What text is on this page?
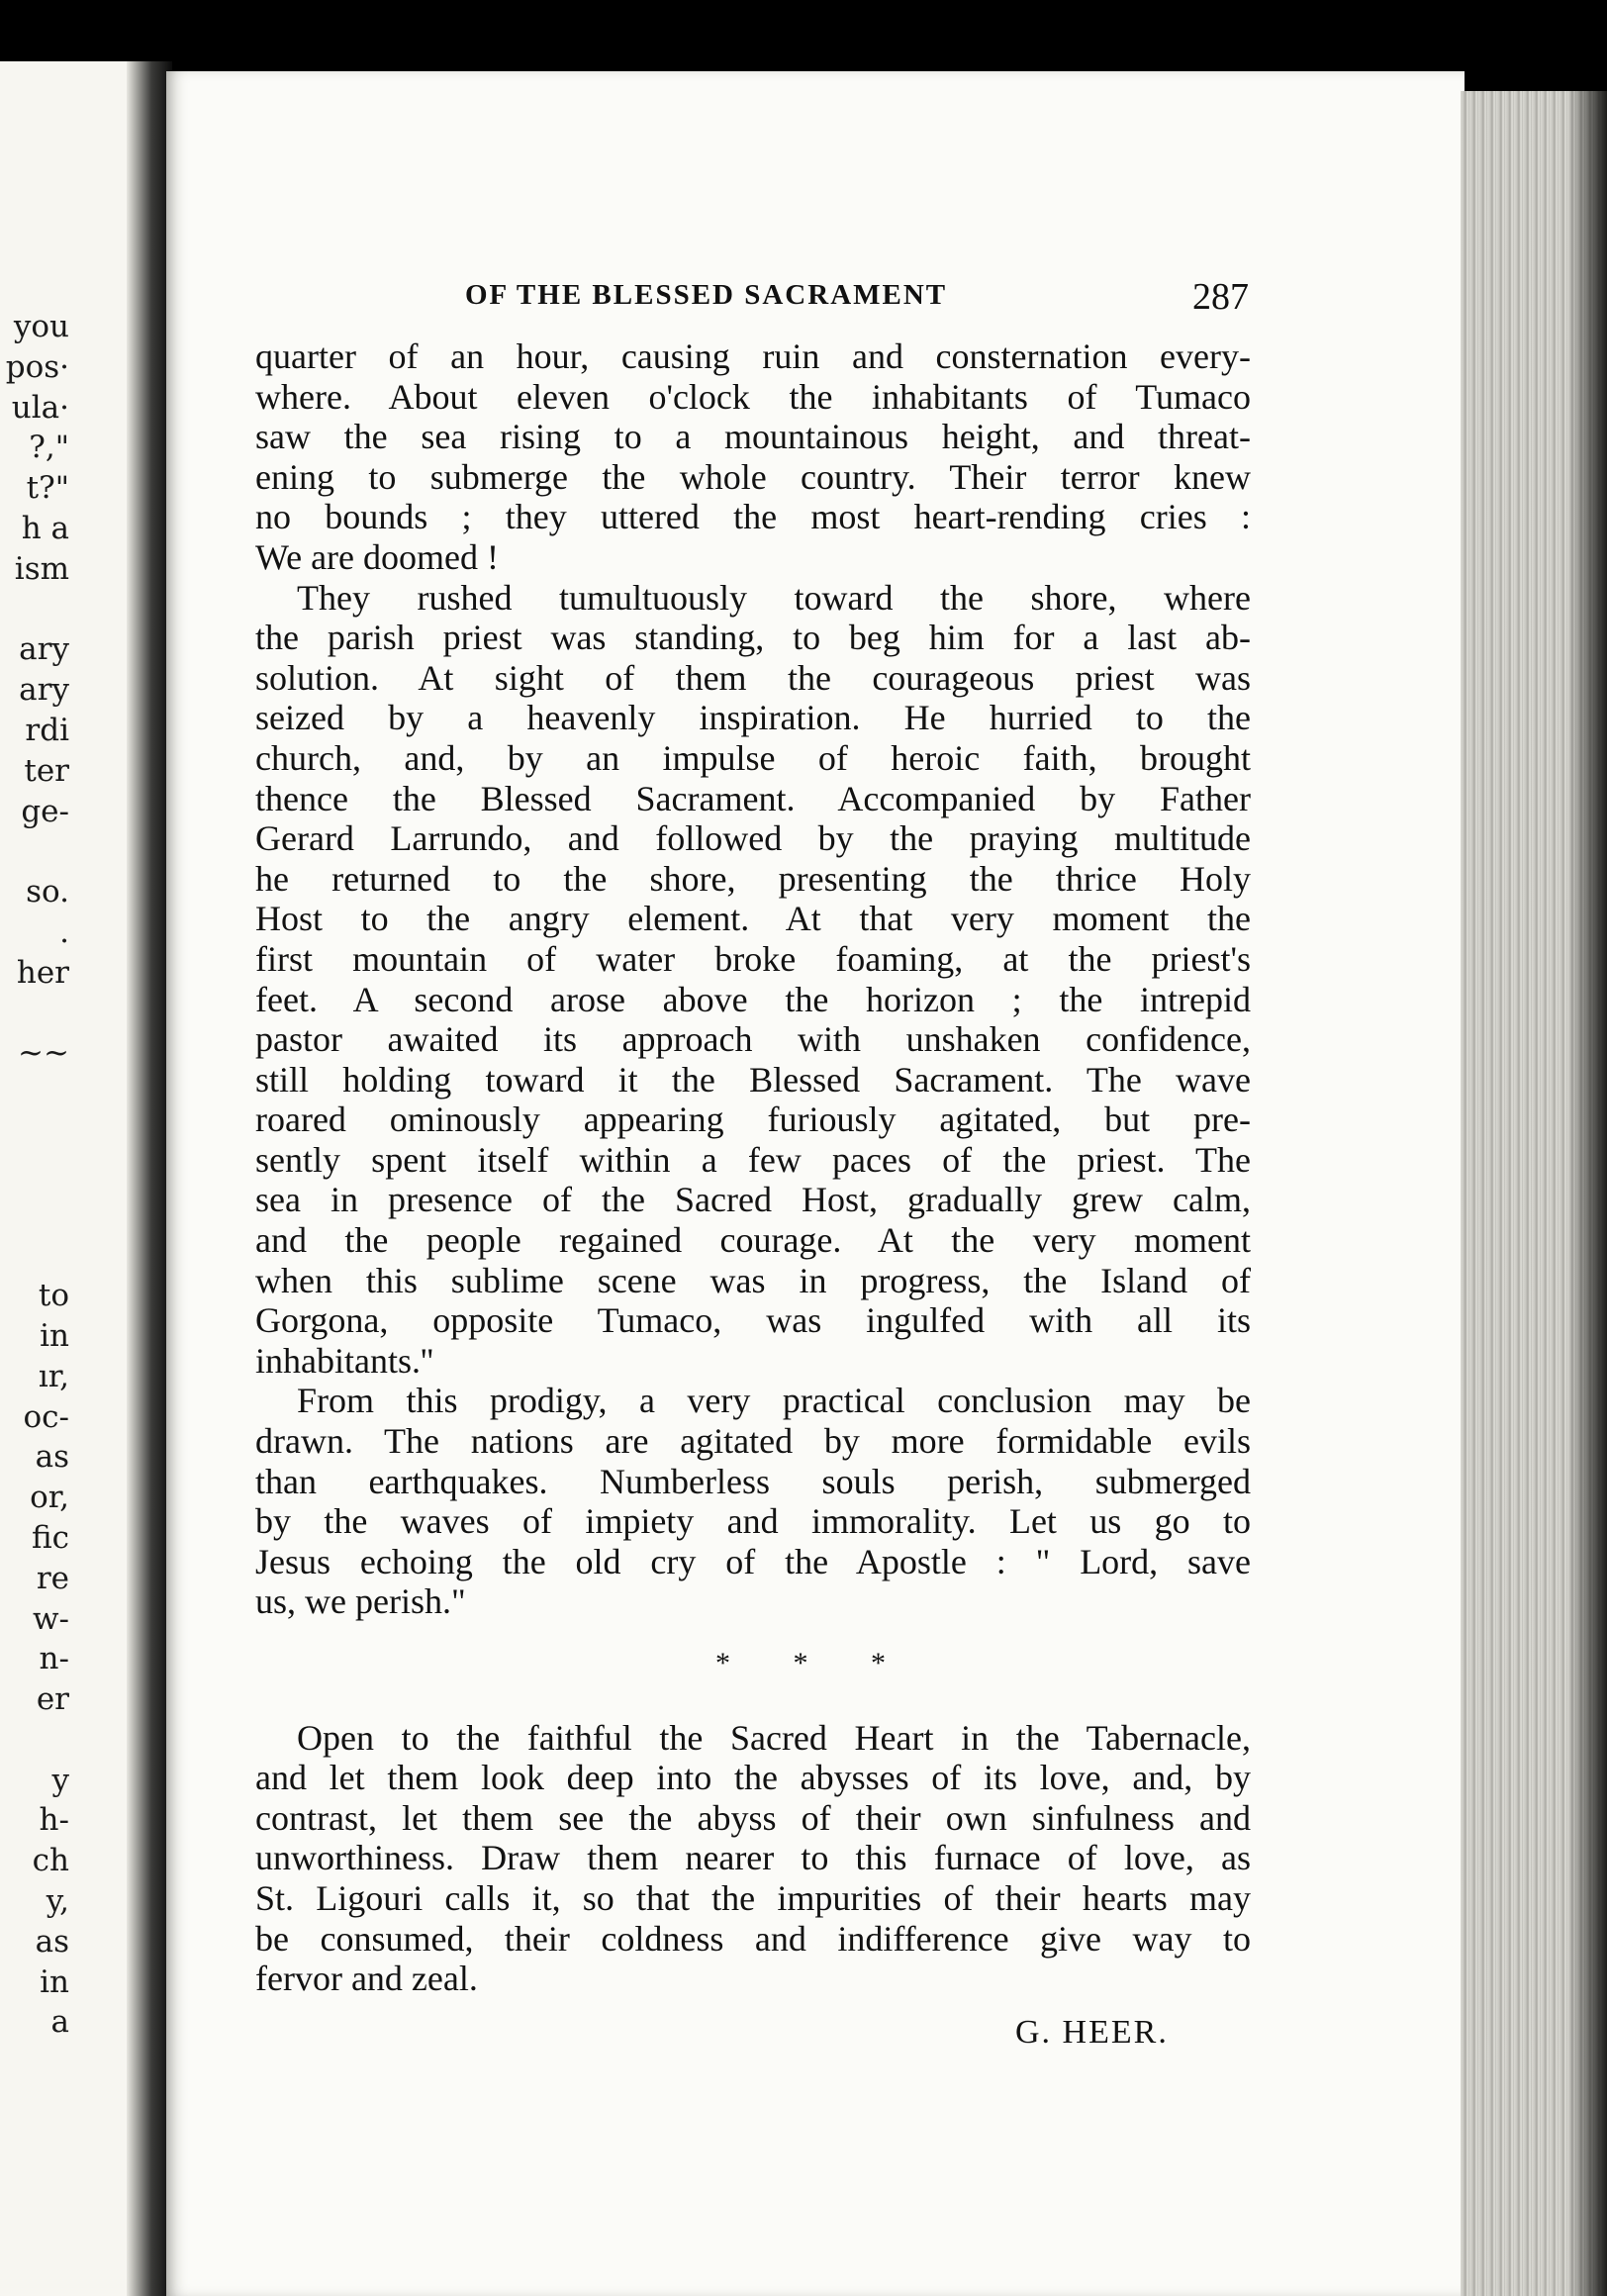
you
pos·
ula·
?,"
t?"
h a
ism

ary
ary
rdi
ter
ge-

so.
.
her

~~

to
in
ır,
oc-
as
or,
fic
re
w-
n-
er

y
h-
ch
y,
as
in
a
OF THE BLESSED SACRAMENT	287

quarter of an hour, causing ruin and consternation every-
where. About eleven o'clock the inhabitants of Tumaco
saw the sea rising to a mountainous height, and threat-
ening to submerge the whole country. Their terror knew
no bounds ; they uttered the most heart-rending cries :
We are doomed !

They rushed tumultuously toward the shore, where
the parish priest was standing, to beg him for a last ab-
solution. At sight of them the courageous priest was
seized by a heavenly inspiration. He hurried to the
church, and, by an impulse of heroic faith, brought
thence the Blessed Sacrament. Accompanied by Father
Gerard Larrundo, and followed by the praying multitude
he returned to the shore, presenting the thrice Holy
Host to the angry element. At that very moment the
first mountain of water broke foaming, at the priest's
feet. A second arose above the horizon ; the intrepid
pastor awaited its approach with unshaken confidence,
still holding toward it the Blessed Sacrament. The wave
roared ominously appearing furiously agitated, but pre-
sently spent itself within a few paces of the priest. The
sea in presence of the Sacred Host, gradually grew calm,
and the people regained courage. At the very moment
when this sublime scene was in progress, the Island of
Gorgona, opposite Tumaco, was ingulfed with all its
inhabitants.''

From this prodigy, a very practical conclusion may be
drawn. The nations are agitated by more formidable evils
than earthquakes. Numberless souls perish, submerged
by the waves of impiety and immorality. Let us go to
Jesus echoing the old cry of the Apostle : " Lord, save
us, we perish."

* * *

Open to the faithful the Sacred Heart in the Tabernacle,
and let them look deep into the abysses of its love, and, by
contrast, let them see the abyss of their own sinfulness and
unworthiness. Draw them nearer to this furnace of love, as
St. Ligouri calls it, so that the impurities of their hearts may
be consumed, their coldness and indifference give way to
fervor and zeal.

G. HEER.
